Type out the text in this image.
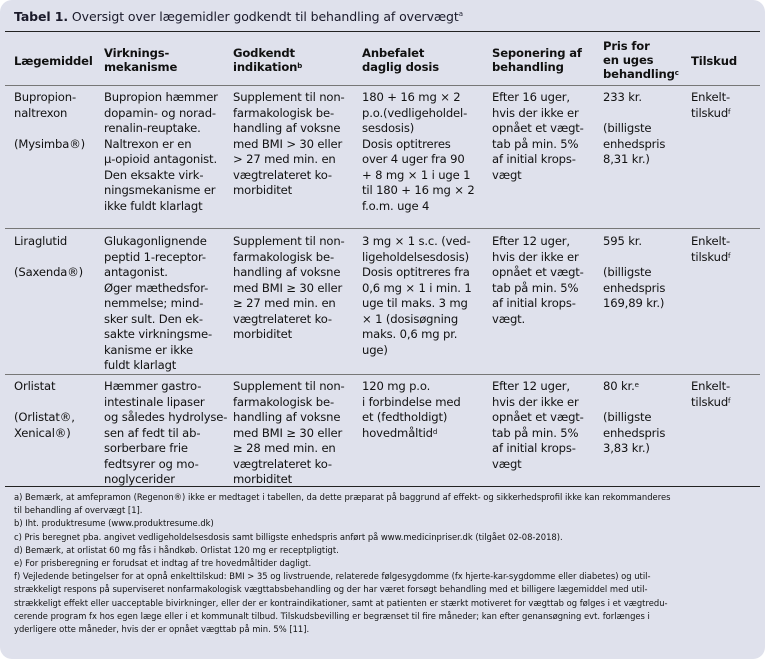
Tabel 1. Oversigt over lægemidler godkendt til behandling af overvægt$^a$
Lægemiddel
Virknings-
mekanisme
Godkendt
indikation$^b$
Anbefalet
daglig dosis
Seponering af
behandling
Pris for
en uges
behandling$^c$
Tilskud
Bupropion-
naltrexon

(Mysimba®)
Bupropion hæmmer
dopamin- og norad-
renalin-reuptake.
Naltrexon er en
μ-opioid antagonist.
Den eksakte virk-
ningsmekanisme er
ikke fuldt klarlagt
Supplement til non-
farmakologisk be-
handling af voksne
med BMI > 30 eller
> 27 med min. en
vægtrelateret ko-
morbiditet
180 + 16 mg × 2
p.o.(vedligeholdel-
sesdosis)
Dosis optitreres
over 4 uger fra 90
+ 8 mg × 1 i uge 1
til 180 + 16 mg × 2
f.o.m. uge 4
Efter 16 uger,
hvis der ikke er
opnået et vægt-
tab på min. 5%
af initial krops-
vægt
233 kr.

(billigste
enhedspris
8,31 kr.)
Enkelt-
tilskud$^f$
Liraglutid

(Saxenda®)
Glukagonlignende
peptid 1-receptor-
antagonist.
Øger mæthedsfor-
nemmelse; mind-
sker sult. Den ek-
sakte virkningsme-
kanisme er ikke
fuldt klarlagt
Supplement til non-
farmakologisk be-
handling af voksne
med BMI ≥ 30 eller
≥ 27 med min. en
vægtrelateret ko-
morbiditet
3 mg × 1 s.c. (ved-
ligeholdelsesdosis)
Dosis optitreres fra
0,6 mg × 1 i min. 1
uge til maks. 3 mg
× 1 (dosisøgning
maks. 0,6 mg pr.
uge)
Efter 12 uger,
hvis der ikke er
opnået et vægt-
tab på min. 5%
af initial krops-
vægt.
595 kr.

(billigste
enhedspris
169,89 kr.)
Enkelt-
tilskud$^f$
Orlistat

(Orlistat®,
Xenical®)
Hæmmer gastro-
intestinale lipaser
og således hydrolyse-
sen af fedt til ab-
sorberbare frie
fedtsyrer og mo-
noglycerider
Supplement til non-
farmakologisk be-
handling af voksne
med BMI ≥ 30 eller
≥ 28 med min. en
vægtrelateret ko-
morbiditet
120 mg p.o.
i forbindelse med
et (fedtholdigt)
hovedmåltid$^d$
Efter 12 uger,
hvis der ikke er
opnået et vægt-
tab på min. 5%
af initial krops-
vægt
80 kr.$^e$

(billigste
enhedspris
3,83 kr.)
Enkelt-
tilskud$^f$
a) Bemærk, at amfepramon (Regenon®) ikke er medtaget i tabellen, da dette præparat på baggrund af effekt- og sikkerhedsprofil ikke kan rekommanderes
til behandling af overvægt [1].
b) Iht. produktresume (www.produktresume.dk)
c) Pris beregnet pba. angivet vedligeholdelsesdosis samt billigste enhedspris anført på www.medicinpriser.dk (tilgået 02-08-2018).
d) Bemærk, at orlistat 60 mg fås i håndkøb. Orlistat 120 mg er receptpligtigt.
e) For prisberegning er forudsat et indtag af tre hovedmåltider dagligt.
f) Vejledende betingelser for at opnå enkelttilskud: BMI > 35 og livstruende, relaterede følgesygdomme (fx hjerte-kar-sygdomme eller diabetes) og util-
strækkeligt respons på superviseret nonfarmakologisk vægttabsbehandling og der har været forsøgt behandling med et billigere lægemiddel med util-
strækkeligt effekt eller uacceptable bivirkninger, eller der er kontraindikationer, samt at patienten er stærkt motiveret for vægttab og følges i et vægtredu-
cerende program fx hos egen læge eller i et kommunalt tilbud. Tilskudsbevilling er begrænset til fire måneder; kan efter genansøgning evt. forlænges i
yderligere otte måneder, hvis der er opnået vægttab på min. 5% [11].
